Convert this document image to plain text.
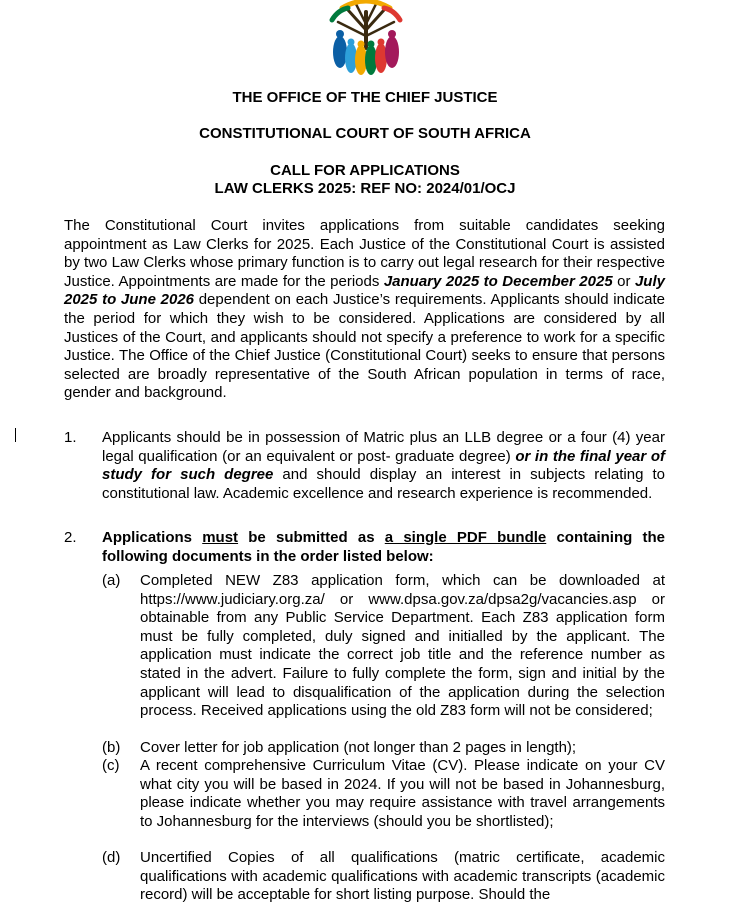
THE OFFICE OF THE CHIEF JUSTICE
CONSTITUTIONAL COURT OF SOUTH AFRICA
CALL FOR APPLICATIONS
LAW CLERKS 2025: REF NO: 2024/01/OCJ
The Constitutional Court invites applications from suitable candidates seeking appointment as Law Clerks for 2025. Each Justice of the Constitutional Court is assisted by two Law Clerks whose primary function is to carry out legal research for their respective Justice. Appointments are made for the periods January 2025 to December 2025 or July 2025 to June 2026 dependent on each Justice’s requirements. Applicants should indicate the period for which they wish to be considered. Applications are considered by all Justices of the Court, and applicants should not specify a preference to work for a specific Justice. The Office of the Chief Justice (Constitutional Court) seeks to ensure that persons selected are broadly representative of the South African population in terms of race, gender and background.
1. Applicants should be in possession of Matric plus an LLB degree or a four (4) year legal qualification (or an equivalent or post- graduate degree) or in the final year of study for such degree and should display an interest in subjects relating to constitutional law. Academic excellence and research experience is recommended.
2. Applications must be submitted as a single PDF bundle containing the following documents in the order listed below:
(a) Completed NEW Z83 application form, which can be downloaded at https://www.judiciary.org.za/ or www.dpsa.gov.za/dpsa2g/vacancies.asp or obtainable from any Public Service Department. Each Z83 application form must be fully completed, duly signed and initialled by the applicant. The application must indicate the correct job title and the reference number as stated in the advert. Failure to fully complete the form, sign and initial by the applicant will lead to disqualification of the application during the selection process. Received applications using the old Z83 form will not be considered;
(b) Cover letter for job application (not longer than 2 pages in length);
(c) A recent comprehensive Curriculum Vitae (CV). Please indicate on your CV what city you will be based in 2024. If you will not be based in Johannesburg, please indicate whether you may require assistance with travel arrangements to Johannesburg for the interviews (should you be shortlisted);
(d) Uncertified Copies of all qualifications (matric certificate, academic qualifications with academic qualifications with academic transcripts (academic record) will be acceptable for short listing purpose. Should the
